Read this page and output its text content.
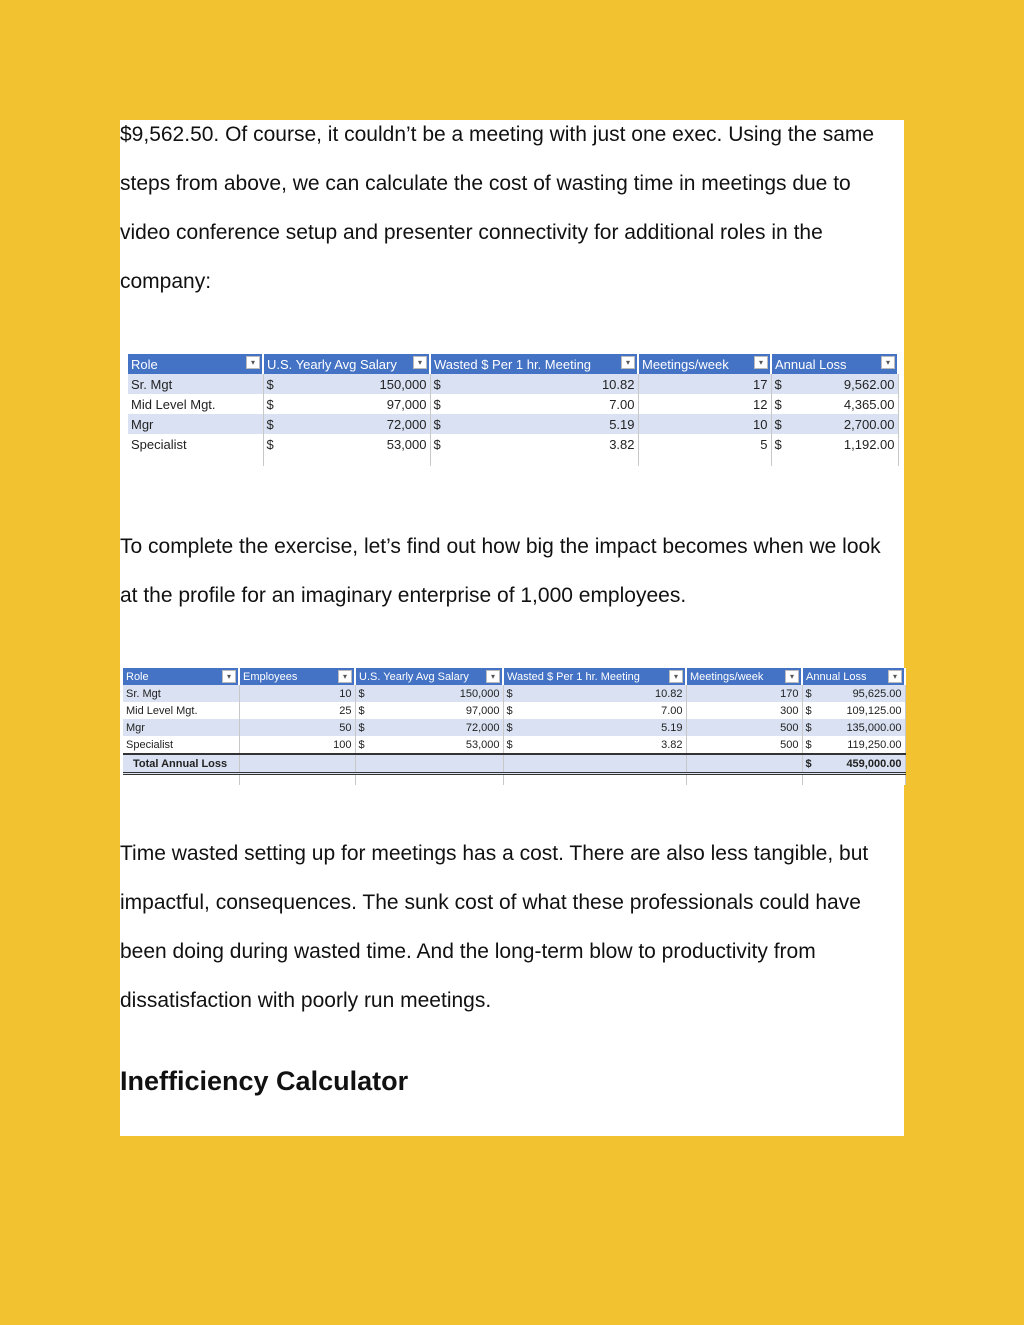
$9,562.50. Of course, it couldn’t be a meeting with just one exec. Using the same steps from above, we can calculate the cost of wasting time in meetings due to video conference setup and presenter connectivity for additional roles in the company:

Role ▾	U.S. Yearly Avg Salary ▾	Wasted $ Per 1 hr. Meeting ▾	Meetings/week ▾	Annual Loss ▾

Sr. Mgt	$ 150,000	$ 10.82	17	$ 9,562.00
Mid Level Mgt.	$ 97,000	$ 7.00	12	$ 4,365.00
Mgr	$ 72,000	$ 5.19	10	$ 2,700.00
Specialist	$ 53,000	$ 3.82	5	$ 1,192.00

To complete the exercise, let’s find out how big the impact becomes when we look at the profile for an imaginary enterprise of 1,000 employees.

Role ▾	Employees ▾	U.S. Yearly Avg Salary ▾	Wasted $ Per 1 hr. Meeting ▾	Meetings/week ▾	Annual Loss ▾

Sr. Mgt	10	$ 150,000	$ 10.82	170	$ 95,625.00
Mid Level Mgt.	25	$ 97,000	$ 7.00	300	$ 109,125.00
Mgr	50	$ 72,000	$ 5.19	500	$ 135,000.00
Specialist	100	$ 53,000	$ 3.82	500	$ 119,250.00
Total Annual Loss					$ 459,000.00

Time wasted setting up for meetings has a cost. There are also less tangible, but impactful, consequences. The sunk cost of what these professionals could have been doing during wasted time. And the long-term blow to productivity from dissatisfaction with poorly run meetings.

Inefficiency Calculator
